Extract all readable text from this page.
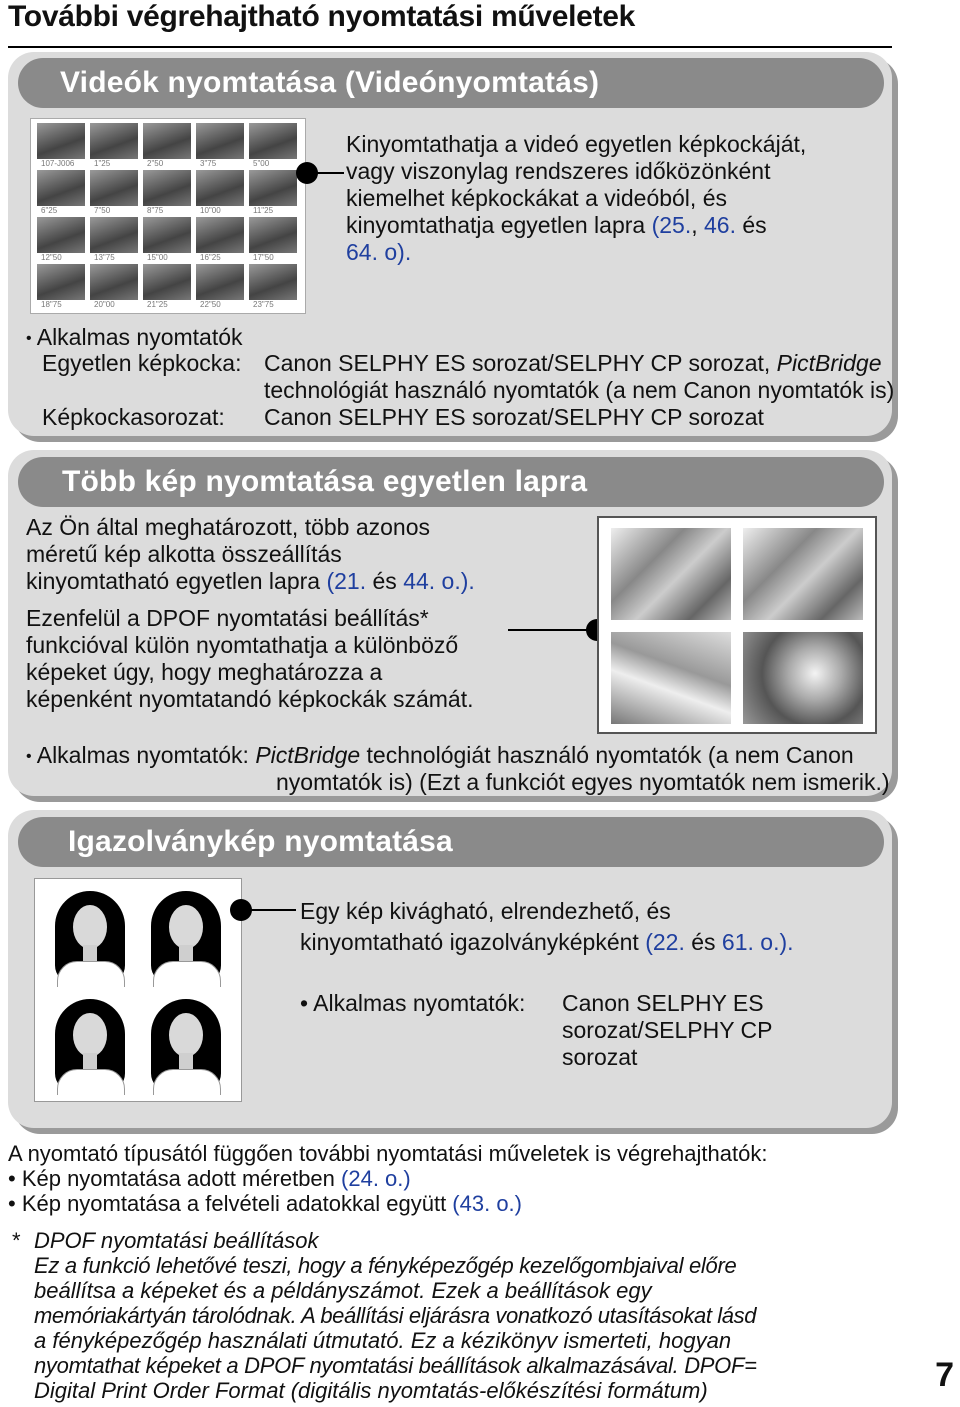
További végrehajtható nyomtatási műveletek
Videók nyomtatása (Videónyomtatás)
107-J006	1"25	2"50	3"75	5"00
6"25	7"50	8"75	10"00	11"25
12"50	13"75	15"00	16"25	17"50
18"75	20"00	21"25	22"50	23"75
Kinyomtathatja a videó egyetlen képkockáját,
vagy viszonylag rendszeres időközönként
kiemelhet képkockákat a videóból, és
kinyomtathatja egyetlen lapra (25., 46. és
64. o).
• Alkalmas nyomtatók
Egyetlen képkocka: Canon SELPHY ES sorozat/SELPHY CP sorozat, PictBridge
technológiát használó nyomtatók (a nem Canon nyomtatók is)
Képkockasorozat: Canon SELPHY ES sorozat/SELPHY CP sorozat
Több kép nyomtatása egyetlen lapra
Az Ön által meghatározott, több azonos
méretű kép alkotta összeállítás
kinyomtatható egyetlen lapra (21. és 44. o.).
Ezenfelül a DPOF nyomtatási beállítás*
funkcióval külön nyomtathatja a különböző
képeket úgy, hogy meghatározza a
képenként nyomtatandó képkockák számát.
• Alkalmas nyomtatók: PictBridge technológiát használó nyomtatók (a nem Canon
nyomtatók is) (Ezt a funkciót egyes nyomtatók nem ismerik.)
Igazolványkép nyomtatása
Egy kép kivágható, elrendezhető, és
kinyomtatható igazolványképként (22. és 61. o.).
• Alkalmas nyomtatók: Canon SELPHY ES
sorozat/SELPHY CP
sorozat
A nyomtató típusától függően további nyomtatási műveletek is végrehajthatók:
• Kép nyomtatása adott méretben (24. o.)
• Kép nyomtatása a felvételi adatokkal együtt (43. o.)
* DPOF nyomtatási beállítások
Ez a funkció lehetővé teszi, hogy a fényképezőgép kezelőgombjaival előre
beállítsa a képeket és a példányszámot. Ezek a beállítások egy
memóriakártyán tárolódnak. A beállítási eljárásra vonatkozó utasításokat lásd
a fényképezőgép használati útmutató. Ez a kézikönyv ismerteti, hogyan
nyomtathat képeket a DPOF nyomtatási beállítások alkalmazásával. DPOF=
Digital Print Order Format (digitális nyomtatás-előkészítési formátum)	7
